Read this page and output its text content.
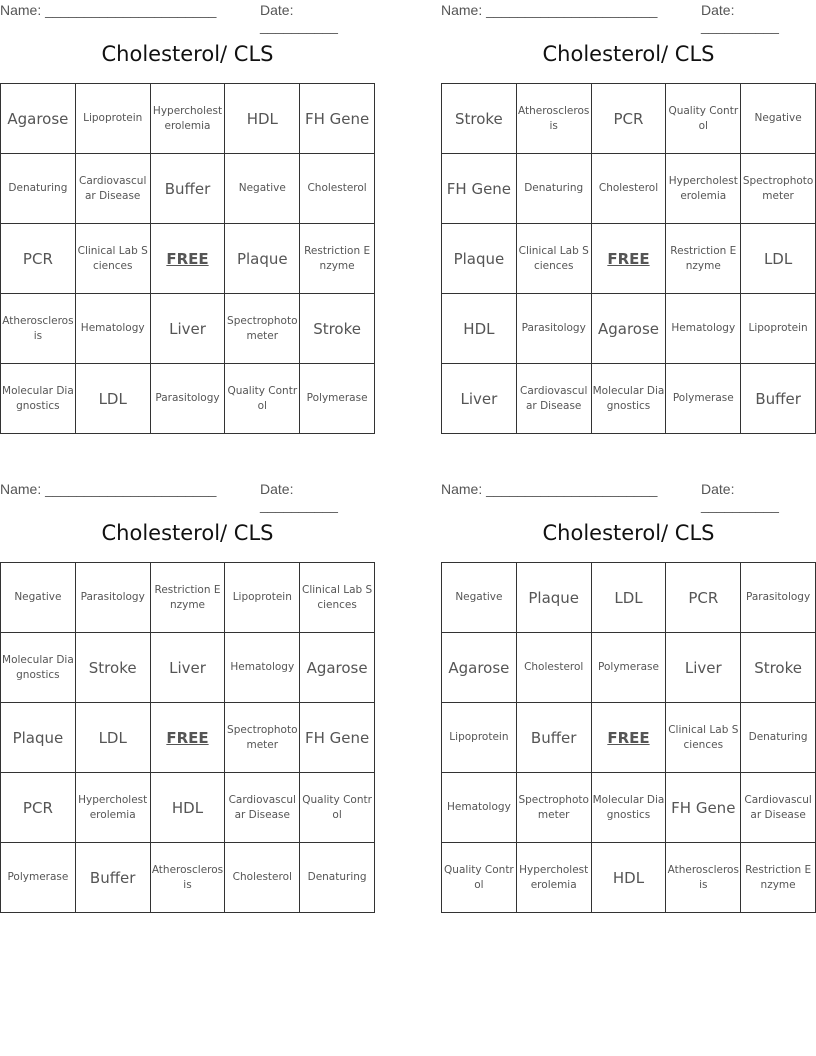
Name: ______________________	Date: __________
Cholesterol/ CLS
Agarose	Lipoprotein	Hypercholesterolemia	HDL	FH Gene
Denaturing	Cardiovascular Disease	Buffer	Negative	Cholesterol
PCR	Clinical Lab Sciences	FREE	Plaque	Restriction Enzyme
Atherosclerosis	Hematology	Liver	Spectrophotometer	Stroke
Molecular Diagnostics	LDL	Parasitology	Quality Control	Polymerase
Name: ______________________	Date: __________
Cholesterol/ CLS
Stroke	Atherosclerosis	PCR	Quality Control	Negative
FH Gene	Denaturing	Cholesterol	Hypercholesterolemia	Spectrophotometer
Plaque	Clinical Lab Sciences	FREE	Restriction Enzyme	LDL
HDL	Parasitology	Agarose	Hematology	Lipoprotein
Liver	Cardiovascular Disease	Molecular Diagnostics	Polymerase	Buffer
Name: ______________________	Date: __________
Cholesterol/ CLS
Negative	Parasitology	Restriction Enzyme	Lipoprotein	Clinical Lab Sciences
Molecular Diagnostics	Stroke	Liver	Hematology	Agarose
Plaque	LDL	FREE	Spectrophotometer	FH Gene
PCR	Hypercholesterolemia	HDL	Cardiovascular Disease	Quality Control
Polymerase	Buffer	Atherosclerosis	Cholesterol	Denaturing
Name: ______________________	Date: __________
Cholesterol/ CLS
Negative	Plaque	LDL	PCR	Parasitology
Agarose	Cholesterol	Polymerase	Liver	Stroke
Lipoprotein	Buffer	FREE	Clinical Lab Sciences	Denaturing
Hematology	Spectrophotometer	Molecular Diagnostics	FH Gene	Cardiovascular Disease
Quality Control	Hypercholesterolemia	HDL	Atherosclerosis	Restriction Enzyme
